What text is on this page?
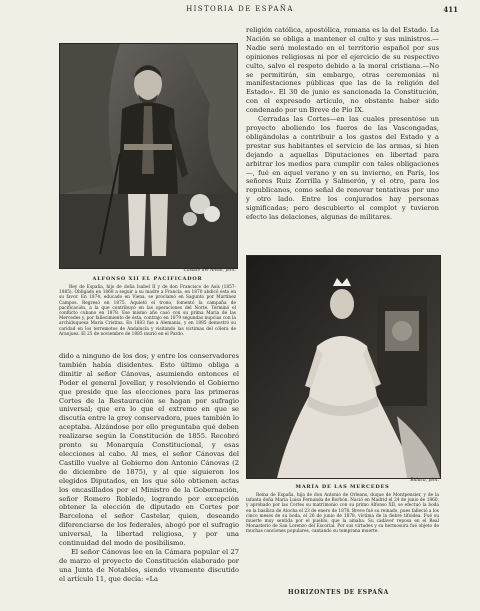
HISTORIA DE ESPAÑA	411
Casado del Alisal, pint.
ALFONSO XII EL PACIFICADOR

Rey de España, hijo de doña Isabel II y de don Francisco de Asís (1857-1885). Obligado en 1868 a seguir a su madre a Francia, en 1870 abdicó ésta en su favor. En 1874, educado en Viena, se proclamó en Sagunto por Martínez Campos. Regresó en 1875. Aquietó el trono, fomentó la campaña de pacificación, a la que contribuyó en las operaciones del Norte. Terminó el conflicto cubano en 1878. Ese mismo año casó con su prima María de las Mercedes y, por fallecimiento de ésta, contrajo en 1879 segundas nupcias con la archiduquesa María Cristina. En 1883 fue a Alemania, y en 1885 demostró su caridad en los terremotos de Andalucía y visitando las víctimas del cólera de Aranjuez. El 25 de noviembre de 1885 murió en el Pardo.

dido a ninguno de los dos; y entre los conservadores también había disidentes. Esto último obliga a dimitir al señor Cánovas, asumiendo entonces el Poder el general Jovellar, y resolviendo el Gobierno que preside que las elecciones para las primeras Cortes de la Restauración se hagan por sufragio universal; que era lo que el extremo en que se discutía entre la grey conservadora, pues también lo aceptaba. Alzándose por ello preguntaba qué deben realizarse según la Constitución de 1855. Recobró pronto su Monarquía Constitucional, y esas elecciones al cabo. Al mes, el señor Cánovas del Castillo vuelve al Gobierno don Antonio Cánovas (2 de diciembre de 1875), y al que siguieron los elegidos Diputados, en los que sólo obtienen actas los encasillados por el Ministro de la Gobernación, señor Romero Robledo, logrando por excepción obtener la elección de diputado en Cortes por Barcelona el señor Castelar, quien, deseando diferenciarse de los federales, abogó por el sufragio universal, la libertad religiosa, y por una continuidad del modo de posibilismo.
El señor Cánovas lee en la Cámara popular el 27 de marzo el proyecto de Constitución elaborado por una Junta de Notables, siendo vivamente discutido el artículo 11, que decía: «La
religión católica, apostólica, romana es la del Estado. La Nación se obliga a mantener el culto y sus ministros.—Nadie será molestado en el territorio español por sus opiniones religiosas ni por el ejercicio de su respectivo culto, salvo el respeto debido a la moral cristiana.—No se permitirán, sin embargo, otras ceremonias ni manifestaciones públicas que las de la religión del Estado». El 30 de junio es sancionada la Constitución, con el expresado artículo, no obstante haber sido condenado por un Breve de Pío IX.
Cerradas las Cortes—en las cuales presentóse un proyecto aboliendo los fueros de las Vascongadas, obligándolas a contribuir a los gastos del Estado y a prestar sus habitantes el servicio de las armas, si bien dejando a aquellas Diputaciones en libertad para arbitrar los medios para cumplir con tales obligaciones—, fué en aquel verano y en su invierno, en París, los señores Ruiz Zorrilla y Salmerón, y el otro, para los republicanos, como señal de renovar tentativas por uno y otro lado. Entre los conjurados hay personas significadas; pero descubierto el complot y tuvieron efecto las delaciones, algunas de militares.
Balaca, pint.
MARÍA DE LAS MERCEDES

Reina de España, hija de don Antonio de Orleans, duque de Montpensier, y de la infanta doña María Luisa Fernanda de Borbón. Nació en Madrid el 24 de junio de 1860, y aprobado por las Cortes su matrimonio con su primo Alfonso XII, se efectuó la boda en la basílica de Atocha el 23 de enero de 1878. Breve fué su reinado, pues falleció a los cinco meses de su boda, el 26 de junio de 1878, víctima de la fiebre tifoidea. Fué su muerte muy sentida por el pueblo, que la amaba. Su cadáver reposa en el Real Monasterio de San Lorenzo del Escorial. Por sus virtudes y su hermosura fué objeto de muchas canciones populares, cantando su temprana muerte.

HORIZONTES DE ESPAÑA
